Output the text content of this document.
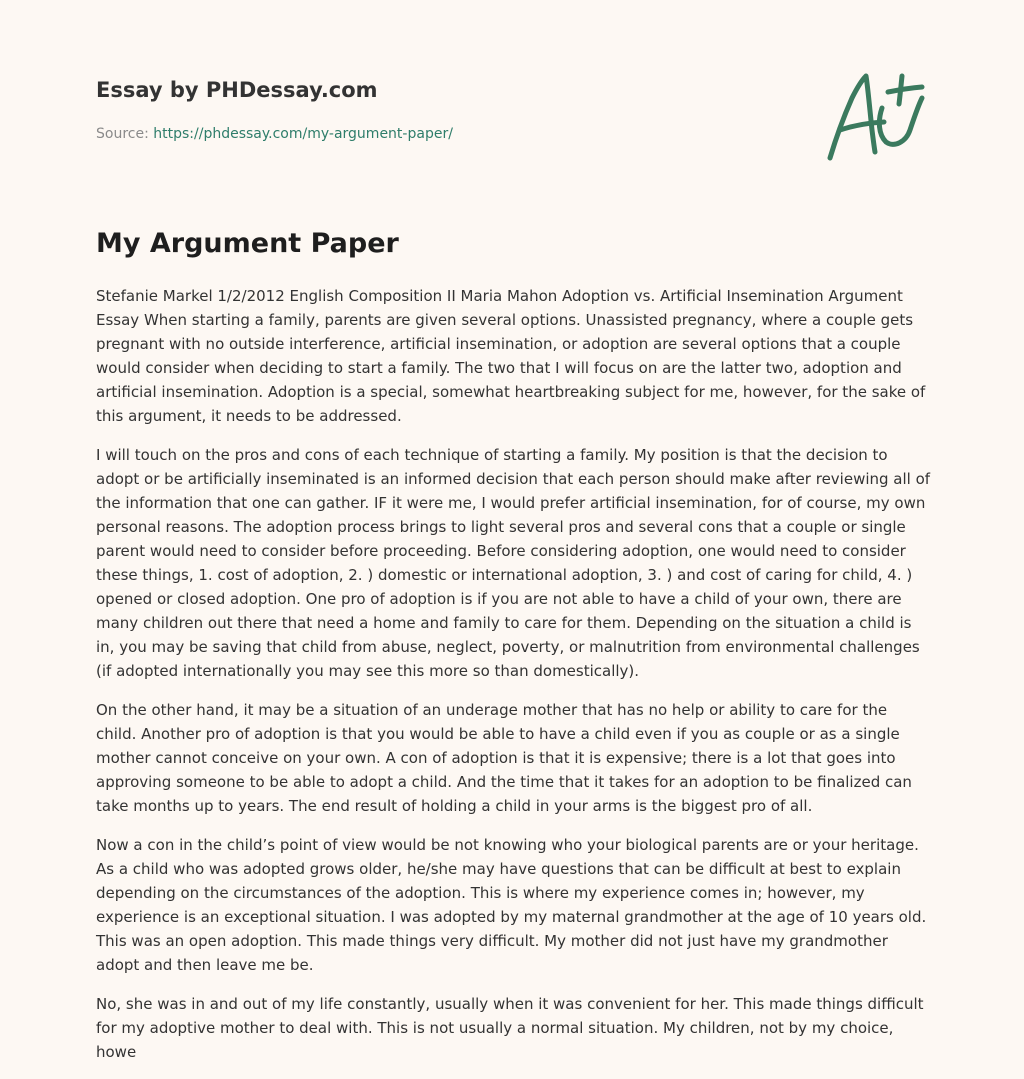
Essay by PHDessay.com
Source: https://phdessay.com/my-argument-paper/
My Argument Paper

Stefanie Markel 1/2/2012 English Composition II Maria Mahon Adoption vs. Artificial Insemination Argument Essay When starting a family, parents are given several options. Unassisted pregnancy, where a couple gets pregnant with no outside interference, artificial insemination, or adoption are several options that a couple would consider when deciding to start a family. The two that I will focus on are the latter two, adoption and artificial insemination. Adoption is a special, somewhat heartbreaking subject for me, however, for the sake of this argument, it needs to be addressed.

I will touch on the pros and cons of each technique of starting a family. My position is that the decision to adopt or be artificially inseminated is an informed decision that each person should make after reviewing all of the information that one can gather. IF it were me, I would prefer artificial insemination, for of course, my own personal reasons. The adoption process brings to light several pros and several cons that a couple or single parent would need to consider before proceeding. Before considering adoption, one would need to consider these things, 1. cost of adoption, 2. ) domestic or international adoption, 3. ) and cost of caring for child, 4. ) opened or closed adoption. One pro of adoption is if you are not able to have a child of your own, there are many children out there that need a home and family to care for them. Depending on the situation a child is in, you may be saving that child from abuse, neglect, poverty, or malnutrition from environmental challenges (if adopted internationally you may see this more so than domestically).

On the other hand, it may be a situation of an underage mother that has no help or ability to care for the child. Another pro of adoption is that you would be able to have a child even if you as couple or as a single mother cannot conceive on your own. A con of adoption is that it is expensive; there is a lot that goes into approving someone to be able to adopt a child. And the time that it takes for an adoption to be finalized can take months up to years. The end result of holding a child in your arms is the biggest pro of all.

Now a con in the child’s point of view would be not knowing who your biological parents are or your heritage. As a child who was adopted grows older, he/she may have questions that can be difficult at best to explain depending on the circumstances of the adoption. This is where my experience comes in; however, my experience is an exceptional situation. I was adopted by my maternal grandmother at the age of 10 years old. This was an open adoption. This made things very difficult. My mother did not just have my grandmother adopt and then leave me be.

No, she was in and out of my life constantly, usually when it was convenient for her. This made things difficult for my adoptive mother to deal with. This is not usually a normal situation. My children, not by my choice, howe
